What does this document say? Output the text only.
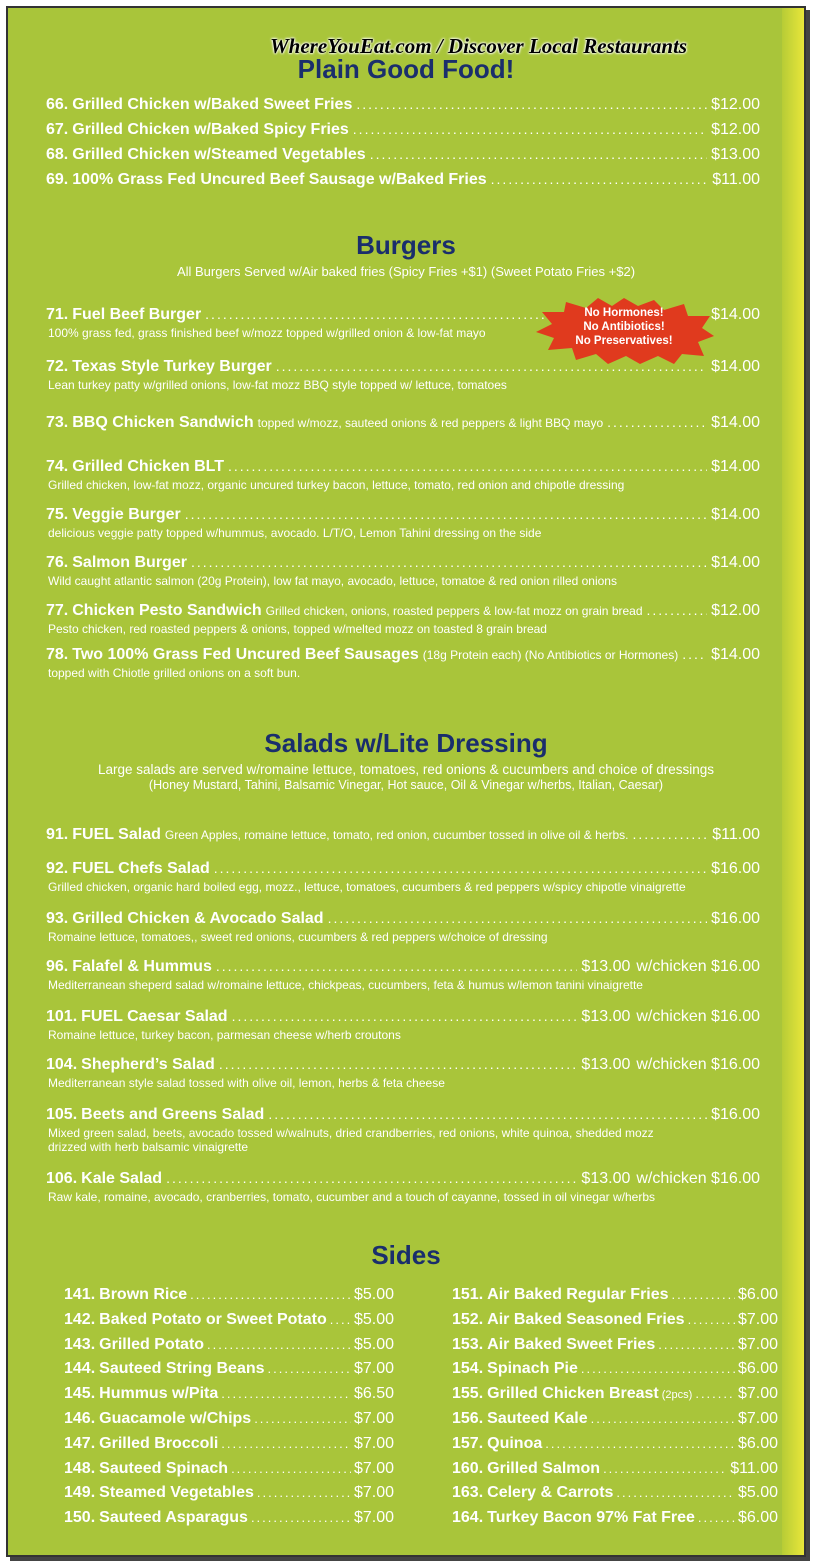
Plain Good Food!
66. Grilled Chicken w/Baked Sweet Fries .....	$12.00
67. Grilled Chicken w/Baked Spicy Fries .....	$12.00
68. Grilled Chicken w/Steamed Vegetables .....	$13.00
69. 100% Grass Fed Uncured Beef Sausage w/Baked Fries .....	$11.00
Burgers
All Burgers Served w/Air baked fries (Spicy Fries +$1) (Sweet Potato Fries +$2)
71. Fuel Beef Burger .....	$14.00
100% grass fed, grass finished beef w/mozz topped w/grilled onion & low-fat mayo
72. Texas Style Turkey Burger .....	$14.00
Lean turkey patty w/grilled onions, low-fat mozz BBQ style topped w/ lettuce, tomatoes
73. BBQ Chicken Sandwich topped w/mozz, sauteed onions & red peppers & light BBQ mayo .....	$14.00
74. Grilled Chicken BLT .....	$14.00
Grilled chicken, low-fat mozz, organic uncured turkey bacon, lettuce, tomato, red onion and chipotle dressing
75. Veggie Burger .....	$14.00
delicious veggie patty topped w/hummus, avocado. L/T/O, Lemon Tahini dressing on the side
76. Salmon Burger .....	$14.00
Wild caught atlantic salmon (20g Protein), low fat mayo, avocado, lettuce, tomatoe & red onion rilled onions
77. Chicken Pesto Sandwich Grilled chicken, onions, roasted peppers & low-fat mozz on grain bread .....	$12.00
Pesto chicken, red roasted peppers & onions, topped w/melted mozz on toasted 8 grain bread
78. Two 100% Grass Fed Uncured Beef Sausages (18g Protein each) (No Antibiotics or Hormones) ..... $14.00
topped with Chiotle grilled onions on a soft bun.
No Hormones!
No Antibiotics!
No Preservatives!
Salads w/Lite Dressing
Large salads are served w/romaine lettuce, tomatoes, red onions & cucumbers and choice of dressings
(Honey Mustard, Tahini, Balsamic Vinegar, Hot sauce, Oil & Vinegar w/herbs, Italian, Caesar)
91. FUEL Salad Green Apples, romaine lettuce, tomato, red onion, cucumber tossed in olive oil & herbs. .....	$11.00
92. FUEL Chefs Salad .....	$16.00
Grilled chicken, organic hard boiled egg, mozz., lettuce, tomatoes, cucumbers & red peppers w/spicy chipotle vinaigrette
93. Grilled Chicken & Avocado Salad .....	$16.00
Romaine lettuce, tomatoes,, sweet red onions, cucumbers & red peppers w/choice of dressing
96. Falafel & Hummus .....	$13.00 w/chicken $16.00
Mediterranean sheperd salad w/romaine lettuce, chickpeas, cucumbers, feta & humus w/lemon tanini vinaigrette
101. FUEL Caesar Salad .....	$13.00 w/chicken $16.00
Romaine lettuce, turkey bacon, parmesan cheese w/herb croutons
104. Shepherd’s Salad .....	$13.00 w/chicken $16.00
Mediterranean style salad tossed with olive oil, lemon, herbs & feta cheese
105. Beets and Greens Salad .....	$16.00
Mixed green salad, beets, avocado tossed w/walnuts, dried crandberries, red onions, white quinoa, shedded mozz
drizzed with herb balsamic vinaigrette
106. Kale Salad .....	$13.00 w/chicken $16.00
Raw kale, romaine, avocado, cranberries, tomato, cucumber and a touch of cayanne, tossed in oil vinegar w/herbs
Sides
141. Brown Rice .....	$5.00
142. Baked Potato or Sweet Potato ..... $5.00
143. Grilled Potato .....	$5.00
144. Sauteed String Beans .....	$7.00
145. Hummus w/Pita .....	$6.50
146. Guacamole w/Chips .....	$7.00
147. Grilled Broccoli .....	$7.00
148. Sauteed Spinach .....	$7.00
149. Steamed Vegetables .....	$7.00
150. Sauteed Asparagus .....	$7.00
151. Air Baked Regular Fries .....	$6.00
152. Air Baked Seasoned Fries .....	$7.00
153. Air Baked Sweet Fries .....	$7.00
154. Spinach Pie .....	$6.00
155. Grilled Chicken Breast (2pcs) .....	$7.00
156. Sauteed Kale .....	$7.00
157. Quinoa .....	$6.00
160. Grilled Salmon .....	$11.00
163. Celery & Carrots .....	$5.00
164. Turkey Bacon 97% Fat Free .....	$6.00
WhereYouEat.com / Discover Local Restaurants
